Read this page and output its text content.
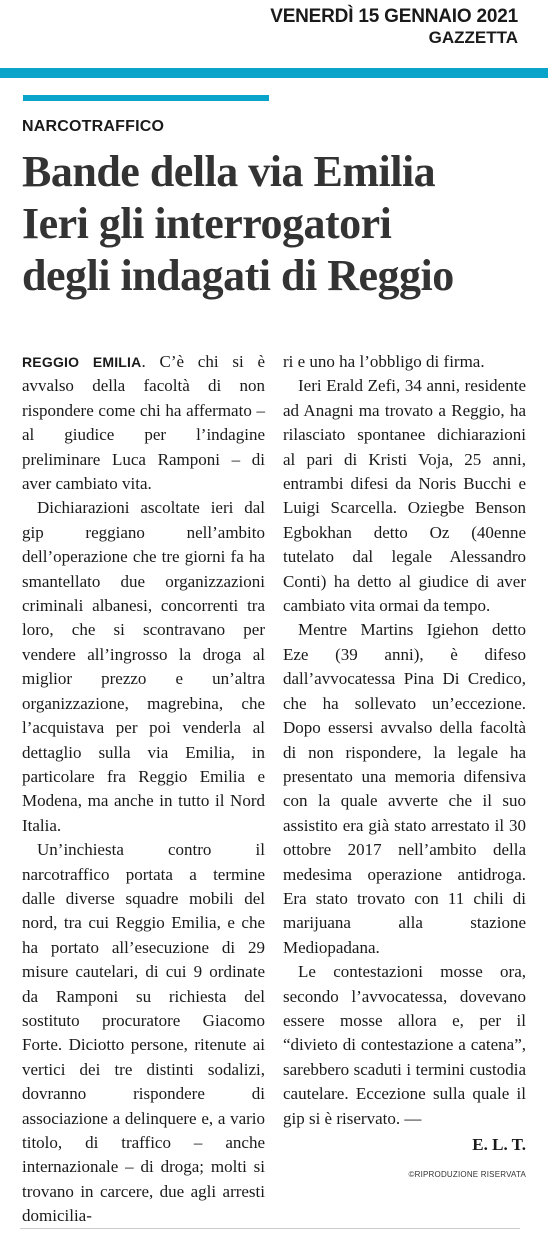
VENERDÌ 15 GENNAIO 2021
GAZZETTA
NARCOTRAFFICO
Bande della via Emilia
Ieri gli interrogatori
degli indagati di Reggio

REGGIO EMILIA. C’è chi si è avvalso della facoltà di non rispondere come chi ha affermato – al giudice per l’indagine preliminare Luca Ramponi – di aver cambiato vita.

Dichiarazioni ascoltate ieri dal gip reggiano nell’ambito dell’operazione che tre giorni fa ha smantellato due organizzazioni criminali albanesi, concorrenti tra loro, che si scontravano per vendere all’ingrosso la droga al miglior prezzo e un’altra organizzazione, magrebina, che l’acquistava per poi venderla al dettaglio sulla via Emilia, in particolare fra Reggio Emilia e Modena, ma anche in tutto il Nord Italia.

Un’inchiesta contro il narcotraffico portata a termine dalle diverse squadre mobili del nord, tra cui Reggio Emilia, e che ha portato all’esecuzione di 29 misure cautelari, di cui 9 ordinate da Ramponi su richiesta del sostituto procuratore Giacomo Forte. Diciotto persone, ritenute ai vertici dei tre distinti sodalizi, dovranno rispondere di associazione a delinquere e, a vario titolo, di traffico – anche internazionale – di droga; molti si trovano in carcere, due agli arresti domicilia-

ri e uno ha l’obbligo di firma.

Ieri Erald Zefi, 34 anni, residente ad Anagni ma trovato a Reggio, ha rilasciato spontanee dichiarazioni al pari di Kristi Voja, 25 anni, entrambi difesi da Noris Bucchi e Luigi Scarcella. Oziegbe Benson Egbokhan detto Oz (40enne tutelato dal legale Alessandro Conti) ha detto al giudice di aver cambiato vita ormai da tempo.

Mentre Martins Igiehon detto Eze (39 anni), è difeso dall’avvocatessa Pina Di Credico, che ha sollevato un’eccezione. Dopo essersi avvalso della facoltà di non rispondere, la legale ha presentato una memoria difensiva con la quale avverte che il suo assistito era già stato arrestato il 30 ottobre 2017 nell’ambito della medesima operazione antidroga. Era stato trovato con 11 chili di marijuana alla stazione Mediopadana.

Le contestazioni mosse ora, secondo l’avvocatessa, dovevano essere mosse allora e, per il “divieto di contestazione a catena”, sarebbero scaduti i termini custodia cautelare. Eccezione sulla quale il gip si è riservato. —

E. L. T.
©RIPRODUZIONE RISERVATA
